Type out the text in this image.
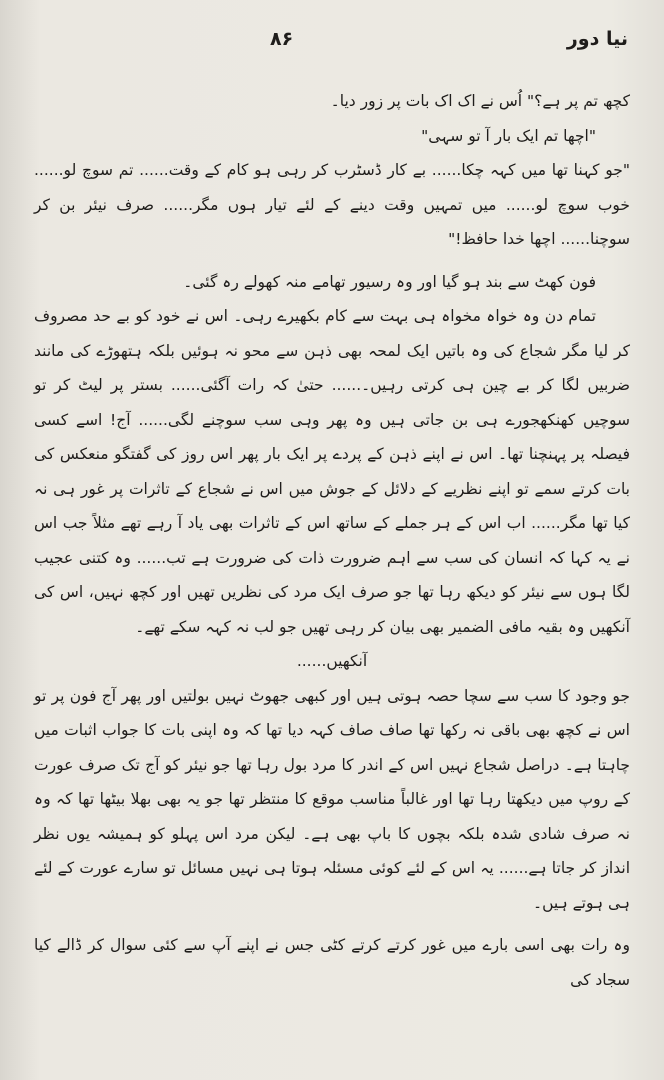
نیا دور
۸۶

کچھ تم پر ہے؟" اُس نے اک اک بات پر زور دیا۔

"اچھا تم ایک بار آ تو سہی"

"جو کہنا تھا میں کہہ چکا...... بے کار ڈسٹرب کر رہی ہو کام کے وقت...... تم سوچ لو...... خوب سوچ لو...... میں تمہیں وقت دینے کے لئے تیار ہوں مگر...... صرف نیئر بن کر سوچنا...... اچھا خدا حافظ!"

فون کھٹ سے بند ہو گیا اور وہ رسیور تھامے منہ کھولے رہ گئی۔

تمام دن وہ خواہ مخواہ ہی بہت سے کام بکھیرے رہی۔ اس نے خود کو بے حد مصروف کر لیا مگر شجاع کی وہ باتیں ایک لمحہ بھی ذہن سے محو نہ ہوئیں بلکہ ہتھوڑے کی مانند ضربیں لگا کر بے چین ہی کرتی رہیں۔...... حتیٰ کہ رات آگئی...... بستر پر لیٹ کر تو سوچیں کھنکھجورے ہی بن جاتی ہیں وہ پھر وہی سب سوچنے لگی...... آج! اسے کسی فیصلہ پر پہنچنا تھا۔ اس نے اپنے ذہن کے پردے پر ایک بار پھر اس روز کی گفتگو منعکس کی بات کرتے سمے تو اپنے نظریے کے دلائل کے جوش میں اس نے شجاع کے تاثرات پر غور ہی نہ کیا تھا مگر...... اب اس کے ہر جملے کے ساتھ اس کے تاثرات بھی یاد آ رہے تھے مثلاً جب اس نے یہ کہا کہ انسان کی سب سے اہم ضرورت ذات کی ضرورت ہے تب...... وہ کتنی عجیب لگا ہوں سے نیئر کو دیکھ رہا تھا جو صرف ایک مرد کی نظریں تھیں اور کچھ نہیں، اس کی آنکھیں وہ بقیہ مافی الضمیر بھی بیان کر رہی تھیں جو لب نہ کہہ سکے تھے۔

آنکھیں......

جو وجود کا سب سے سچا حصہ ہوتی ہیں اور کبھی جھوٹ نہیں بولتیں اور پھر آج فون پر تو اس نے کچھ بھی باقی نہ رکھا تھا صاف صاف کہہ دیا تھا کہ وہ اپنی بات کا جواب اثبات میں چاہتا ہے۔ دراصل شجاع نہیں اس کے اندر کا مرد بول رہا تھا جو نیئر کو آج تک صرف عورت کے روپ میں دیکھتا رہا تھا اور غالباً مناسب موقع کا منتظر تھا جو یہ بھی بھلا بیٹھا تھا کہ وہ نہ صرف شادی شدہ بلکہ بچوں کا باپ بھی ہے۔ لیکن مرد اس پہلو کو ہمیشہ یوں نظر انداز کر جاتا ہے...... یہ اس کے لئے کوئی مسئلہ ہوتا ہی نہیں مسائل تو سارے عورت کے لئے ہی ہوتے ہیں۔

وہ رات بھی اسی بارے میں غور کرتے کرتے کٹی جس نے اپنے آپ سے کئی سوال کر ڈالے کیا سجاد کی
